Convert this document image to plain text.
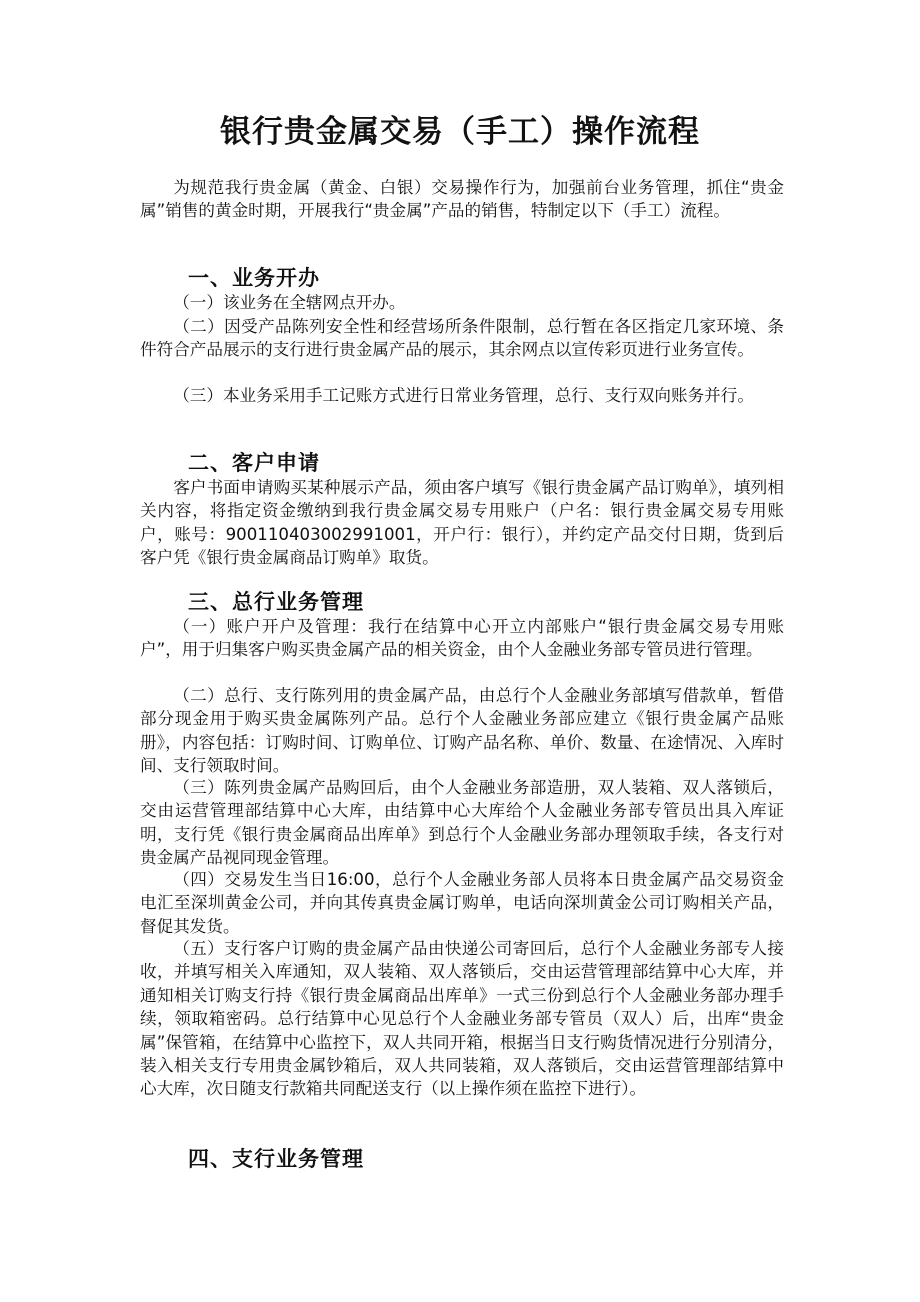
银行贵金属交易（手工）操作流程

为规范我行贵金属（黄金、白银）交易操作行为，加强前台业务管理，抓住“贵金属”销售的黄金时期，开展我行“贵金属”产品的销售，特制定以下（手工）流程。

一、业务开办

（一）该业务在全辖网点开办。

（二）因受产品陈列安全性和经营场所条件限制，总行暂在各区指定几家环境、条件符合产品展示的支行进行贵金属产品的展示，其余网点以宣传彩页进行业务宣传。

（三）本业务采用手工记账方式进行日常业务管理，总行、支行双向账务并行。

二、客户申请

客户书面申请购买某种展示产品，须由客户填写《银行贵金属产品订购单》，填列相关内容，将指定资金缴纳到我行贵金属交易专用账户（户名：银行贵金属交易专用账户，账号：900110403002991001，开户行：银行），并约定产品交付日期，货到后客户凭《银行贵金属商品订购单》取货。

三、总行业务管理

（一）账户开户及管理：我行在结算中心开立内部账户“银行贵金属交易专用账户”，用于归集客户购买贵金属产品的相关资金，由个人金融业务部专管员进行管理。

（二）总行、支行陈列用的贵金属产品，由总行个人金融业务部填写借款单，暂借部分现金用于购买贵金属陈列产品。总行个人金融业务部应建立《银行贵金属产品账册》，内容包括：订购时间、订购单位、订购产品名称、单价、数量、在途情况、入库时间、支行领取时间。

（三）陈列贵金属产品购回后，由个人金融业务部造册，双人装箱、双人落锁后，交由运营管理部结算中心大库，由结算中心大库给个人金融业务部专管员出具入库证明，支行凭《银行贵金属商品出库单》到总行个人金融业务部办理领取手续，各支行对贵金属产品视同现金管理。

（四）交易发生当日16:00，总行个人金融业务部人员将本日贵金属产品交易资金电汇至深圳黄金公司，并向其传真贵金属订购单，电话向深圳黄金公司订购相关产品，督促其发货。

（五）支行客户订购的贵金属产品由快递公司寄回后，总行个人金融业务部专人接收，并填写相关入库通知，双人装箱、双人落锁后，交由运营管理部结算中心大库，并通知相关订购支行持《银行贵金属商品出库单》一式三份到总行个人金融业务部办理手续，领取箱密码。总行结算中心见总行个人金融业务部专管员（双人）后，出库“贵金属”保管箱，在结算中心监控下，双人共同开箱，根据当日支行购货情况进行分别清分，装入相关支行专用贵金属钞箱后，双人共同装箱，双人落锁后，交由运营管理部结算中心大库，次日随支行款箱共同配送支行（以上操作须在监控下进行）。

四、支行业务管理
